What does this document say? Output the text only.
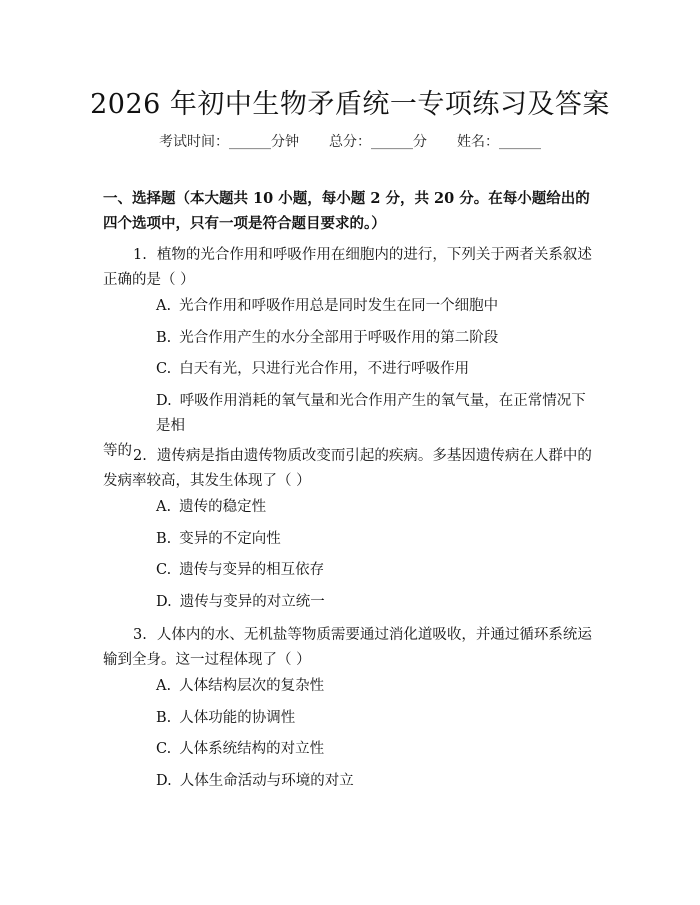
2026 年初中生物矛盾统一专项练习及答案
考试时间：______分钟 总分：______分 姓名：______
一、选择题（本大题共 10 小题，每小题 2 分，共 20 分。在每小题给出的四个选项中，只有一项是符合题目要求的。）
1. 植物的光合作用和呼吸作用在细胞内的进行，下列关于两者关系叙述正确的是（ ）
A. 光合作用和呼吸作用总是同时发生在同一个细胞中
B. 光合作用产生的水分全部用于呼吸作用的第二阶段
C. 白天有光，只进行光合作用，不进行呼吸作用
D. 呼吸作用消耗的氧气量和光合作用产生的氧气量，在正常情况下是相
等的 2. 遗传病是指由遗传物质改变而引起的疾病。多基因遗传病在人群中的发病率较高，其发生体现了（ ）
A. 遗传的稳定性
B. 变异的不定向性
C. 遗传与变异的相互依存
D. 遗传与变异的对立统一
3. 人体内的水、无机盐等物质需要通过消化道吸收，并通过循环系统运输到全身。这一过程体现了（ ）
A. 人体结构层次的复杂性
B. 人体功能的协调性
C. 人体系统结构的对立性
D. 人体生命活动与环境的对立
